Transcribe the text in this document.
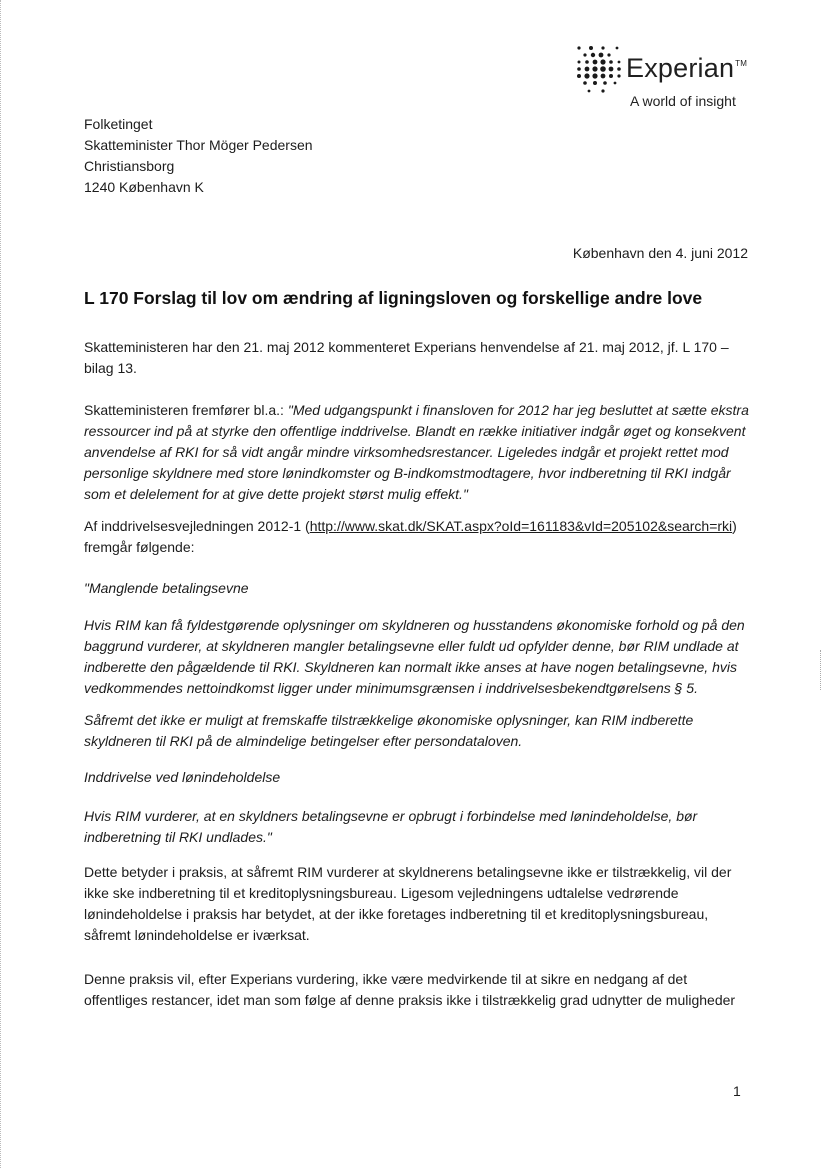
Experian™
A world of insight
Folketinget
Skatteminister Thor Möger Pedersen
Christiansborg
1240 København K
København den 4. juni 2012
L 170 Forslag til lov om ændring af ligningsloven og forskellige andre love
Skatteministeren har den 21. maj 2012 kommenteret Experians henvendelse af 21. maj 2012, jf. L 170 – bilag 13.
Skatteministeren fremfører bl.a.: "Med udgangspunkt i finansloven for 2012 har jeg besluttet at sætte ekstra ressourcer ind på at styrke den offentlige inddrivelse. Blandt en række initiativer indgår øget og konsekvent anvendelse af RKI for så vidt angår mindre virksomhedsrestancer. Ligeledes indgår et projekt rettet mod personlige skyldnere med store lønindkomster og B-indkomstmodtagere, hvor indberetning til RKI indgår som et delelement for at give dette projekt størst mulig effekt."
Af inddrivelsesvejledningen 2012-1 (http://www.skat.dk/SKAT.aspx?oId=161183&vId=205102&search=rki) fremgår følgende:
"Manglende betalingsevne
Hvis RIM kan få fyldestgørende oplysninger om skyldneren og husstandens økonomiske forhold og på den baggrund vurderer, at skyldneren mangler betalingsevne eller fuldt ud opfylder denne, bør RIM undlade at indberette den pågældende til RKI. Skyldneren kan normalt ikke anses at have nogen betalingsevne, hvis vedkommendes nettoindkomst ligger under minimumsgrænsen i inddrivelsesbekendtgørelsens § 5.
Såfremt det ikke er muligt at fremskaffe tilstrækkelige økonomiske oplysninger, kan RIM indberette skyldneren til RKI på de almindelige betingelser efter persondataloven.
Inddrivelse ved lønindeholdelse
Hvis RIM vurderer, at en skyldners betalingsevne er opbrugt i forbindelse med lønindeholdelse, bør indberetning til RKI undlades."
Dette betyder i praksis, at såfremt RIM vurderer at skyldnerens betalingsevne ikke er tilstrækkelig, vil der ikke ske indberetning til et kreditoplysningsbureau. Ligesom vejledningens udtalelse vedrørende lønindeholdelse i praksis har betydet, at der ikke foretages indberetning til et kreditoplysningsbureau, såfremt lønindeholdelse er iværksat.
Denne praksis vil, efter Experians vurdering, ikke være medvirkende til at sikre en nedgang af det offentliges restancer, idet man som følge af denne praksis ikke i tilstrækkelig grad udnytter de muligheder
1
